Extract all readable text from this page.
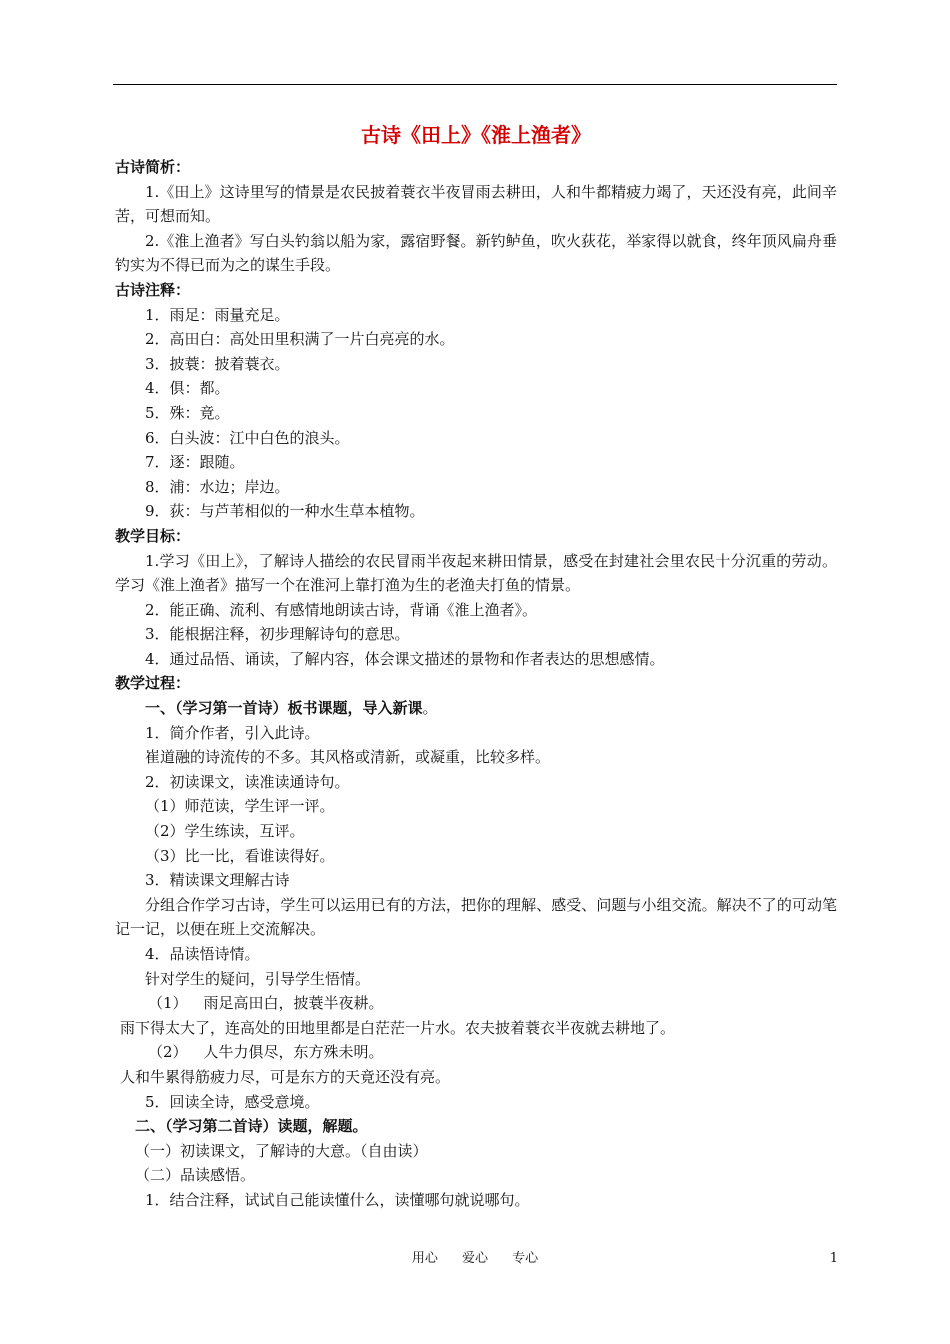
古诗《田上》《淮上渔者》
古诗简析：
1.《田上》这诗里写的情景是农民披着蓑衣半夜冒雨去耕田，人和牛都精疲力竭了，天还没有亮，此间辛苦，可想而知。
2.《淮上渔者》写白头钓翁以船为家，露宿野餐。新钓鲈鱼，吹火荻花，举家得以就食，终年顶风扁舟垂钓实为不得已而为之的谋生手段。
古诗注释：
1．雨足：雨量充足。
2．高田白：高处田里积满了一片白亮亮的水。
3．披蓑：披着蓑衣。
4．俱：都。
5．殊：竟。
6．白头波：江中白色的浪头。
7．逐：跟随。
8．浦：水边；岸边。
9．荻：与芦苇相似的一种水生草本植物。
教学目标：
1.学习《田上》，了解诗人描绘的农民冒雨半夜起来耕田情景，感受在封建社会里农民十分沉重的劳动。学习《淮上渔者》描写一个在淮河上靠打渔为生的老渔夫打鱼的情景。
2．能正确、流利、有感情地朗读古诗，背诵《淮上渔者》。
3．能根据注释，初步理解诗句的意思。
4．通过品悟、诵读，了解内容，体会课文描述的景物和作者表达的思想感情。
教学过程：
一、（学习第一首诗）板书课题，导入新课。
1．简介作者，引入此诗。
崔道融的诗流传的不多。其风格或清新，或凝重，比较多样。
2．初读课文，读准读通诗句。
（1）师范读，学生评一评。
（2）学生练读，互评。
（3）比一比，看谁读得好。
3．精读课文理解古诗
分组合作学习古诗，学生可以运用已有的方法，把你的理解、感受、问题与小组交流。解决不了的可动笔记一记，以便在班上交流解决。
4．品读悟诗情。
针对学生的疑问，引导学生悟情。
（1） 雨足高田白，披蓑半夜耕。
雨下得太大了，连高处的田地里都是白茫茫一片水。农夫披着蓑衣半夜就去耕地了。
（2） 人牛力俱尽，东方殊未明。
人和牛累得筋疲力尽，可是东方的天竟还没有亮。
5．回读全诗，感受意境。
二、（学习第二首诗）读题，解题。
（一）初读课文，了解诗的大意。（自由读）
（二）品读感悟。
1．结合注释，试试自己能读懂什么，读懂哪句就说哪句。
用心 爱心 专心	1
